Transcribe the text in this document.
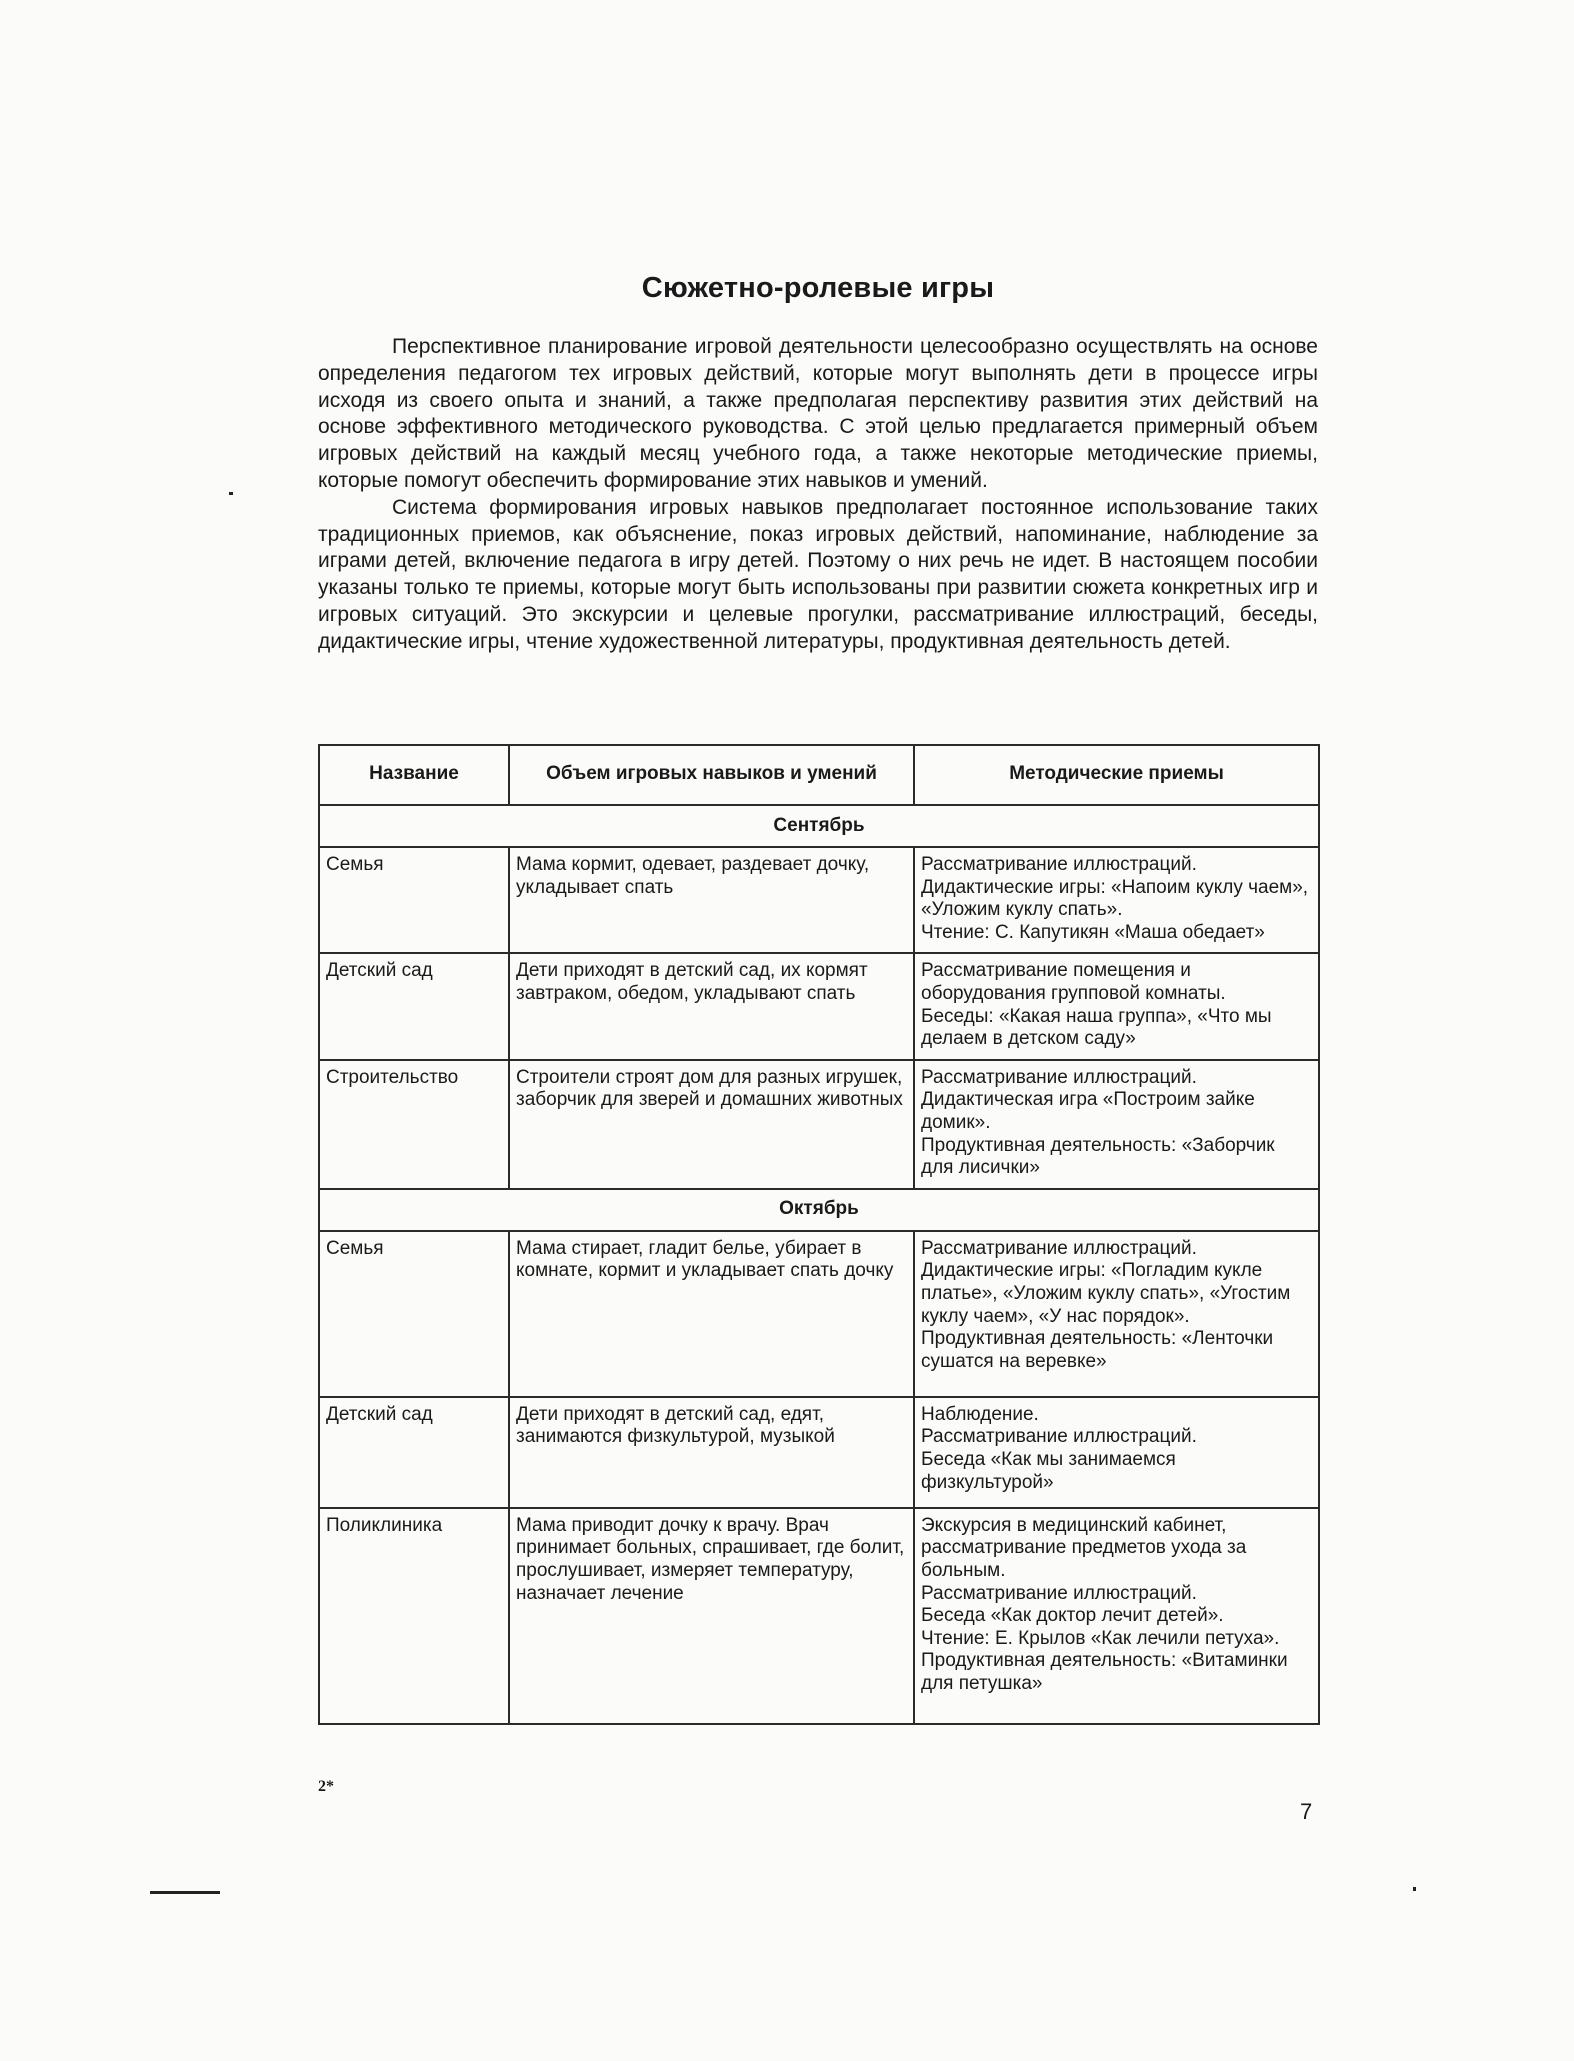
Сюжетно-ролевые игры

Перспективное планирование игровой деятельности целесообразно осуществлять на основе определения педагогом тех игровых действий, которые могут выполнять дети в процессе игры исходя из своего опыта и знаний, а также предполагая перспективу развития этих действий на основе эффективного методического руководства. С этой целью предлагается примерный объем игровых действий на каждый месяц учебного года, а также некоторые методические приемы, которые помогут обеспечить формирование этих навыков и умений.

Система формирования игровых навыков предполагает постоянное использование таких традиционных приемов, как объяснение, показ игровых действий, напоминание, наблюдение за играми детей, включение педагога в игру детей. Поэтому о них речь не идет. В настоящем пособии указаны только те приемы, которые могут быть использованы при развитии сюжета конкретных игр и игровых ситуаций. Это экскурсии и целевые прогулки, рассматривание иллюстраций, беседы, дидактические игры, чтение художественной литературы, продуктивная деятельность детей.

Название	Объем игровых навыков и умений	Методические приемы
Сентябрь		
Семья	Мама кормит, одевает, раздевает дочку, укладывает спать	Рассматривание иллюстраций.
Дидактические игры: «Напоим куклу чаем», «Уложим куклу спать».
Чтение: С. Капутикян «Маша обедает»

Детский сад	Дети приходят в детский сад, их кормят завтраком, обедом, укладывают спать	Рассматривание помещения и оборудования групповой комнаты.
Беседы: «Какая наша группа», «Что мы делаем в детском саду»

Строительство	Строители строят дом для разных игрушек, заборчик для зверей и домашних животных	Рассматривание иллюстраций.
Дидактическая игра «Построим зайке домик».
Продуктивная деятельность: «Заборчик для лисички»

Октябрь		
Семья	Мама стирает, гладит белье, убирает в комнате, кормит и укладывает спать дочку	Рассматривание иллюстраций.
Дидактические игры: «Погладим кукле платье», «Уложим куклу спать», «Угостим куклу чаем», «У нас порядок».
Продуктивная деятельность: «Ленточки сушатся на веревке»

Детский сад	Дети приходят в детский сад, едят, занимаются физкультурой, музыкой	Наблюдение.
Рассматривание иллюстраций.
Беседа «Как мы занимаемся физкультурой»

Поликлиника	Мама приводит дочку к врачу. Врач принимает больных, спрашивает, где болит, прослушивает, измеряет температуру, назначает лечение	Экскурсия в медицинский кабинет, рассматривание предметов ухода за больным.
Рассматривание иллюстраций.
Беседа «Как доктор лечит детей».
Чтение: Е. Крылов «Как лечили петуха».
Продуктивная деятельность: «Витаминки для петушка»
2*
7
